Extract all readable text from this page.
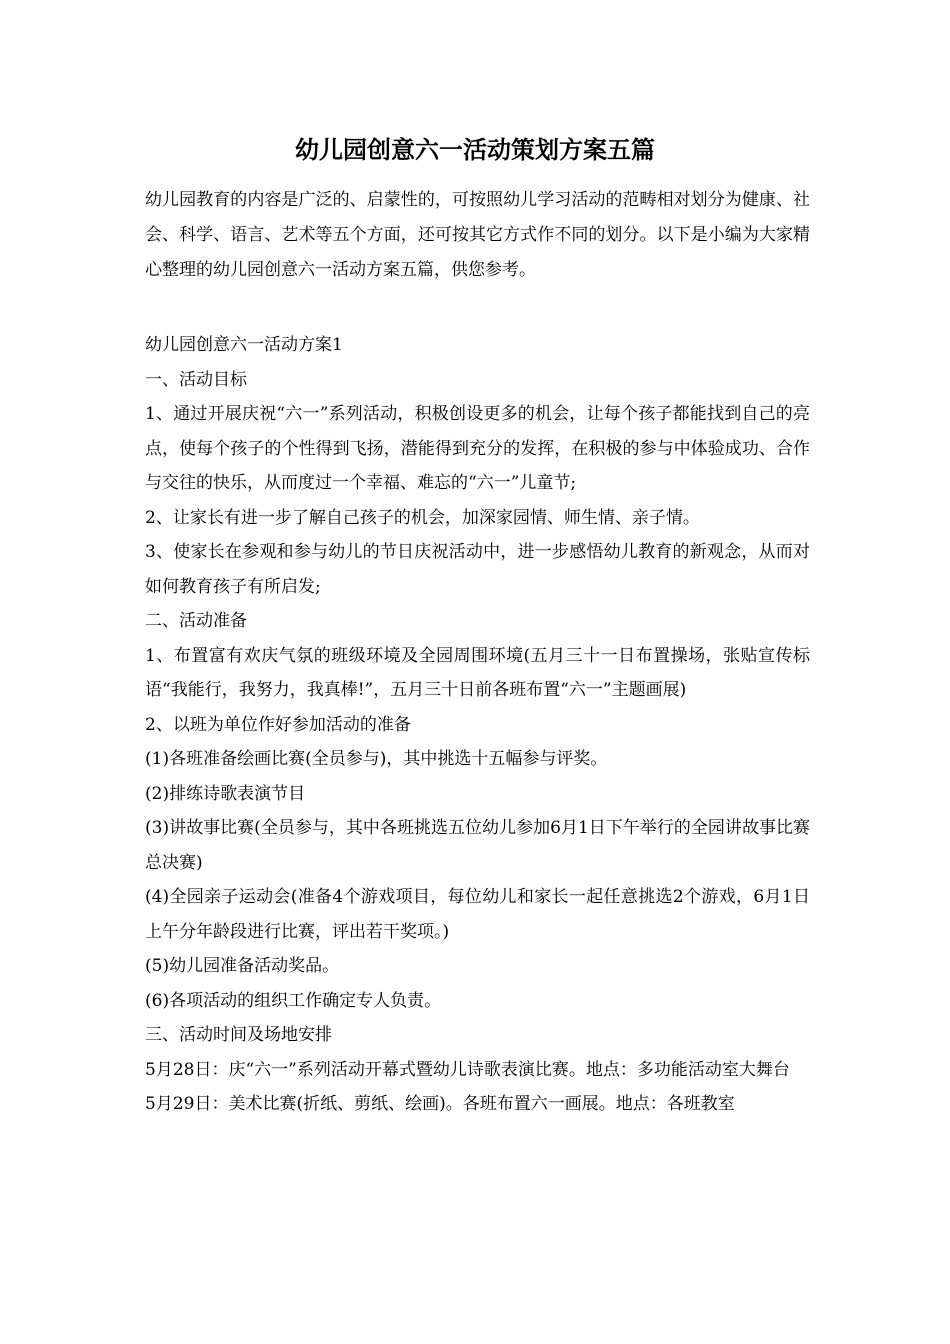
幼儿园创意六一活动策划方案五篇
幼儿园教育的内容是广泛的、启蒙性的，可按照幼儿学习活动的范畴相对划分为健康、社会、科学、语言、艺术等五个方面，还可按其它方式作不同的划分。以下是小编为大家精心整理的幼儿园创意六一活动方案五篇，供您参考。

幼儿园创意六一活动方案1

一、活动目标

1、通过开展庆祝“六一”系列活动，积极创设更多的机会，让每个孩子都能找到自己的亮点，使每个孩子的个性得到飞扬，潜能得到充分的发挥，在积极的参与中体验成功、合作与交往的快乐，从而度过一个幸福、难忘的“六一”儿童节;

2、让家长有进一步了解自己孩子的机会，加深家园情、师生情、亲子情。

3、使家长在参观和参与幼儿的节日庆祝活动中，进一步感悟幼儿教育的新观念，从而对如何教育孩子有所启发;

二、活动准备

1、布置富有欢庆气氛的班级环境及全园周围环境(五月三十一日布置操场，张贴宣传标语“我能行，我努力，我真棒!”，五月三十日前各班布置“六一”主题画展)

2、以班为单位作好参加活动的准备

(1)各班准备绘画比赛(全员参与)，其中挑选十五幅参与评奖。

(2)排练诗歌表演节目

(3)讲故事比赛(全员参与，其中各班挑选五位幼儿参加6月1日下午举行的全园讲故事比赛总决赛)

(4)全园亲子运动会(准备4个游戏项目，每位幼儿和家长一起任意挑选2个游戏，6月1日上午分年龄段进行比赛，评出若干奖项。)

(5)幼儿园准备活动奖品。

(6)各项活动的组织工作确定专人负责。

三、活动时间及场地安排

5月28日：庆“六一”系列活动开幕式暨幼儿诗歌表演比赛。地点：多功能活动室大舞台

5月29日：美术比赛(折纸、剪纸、绘画)。各班布置六一画展。地点：各班教室
